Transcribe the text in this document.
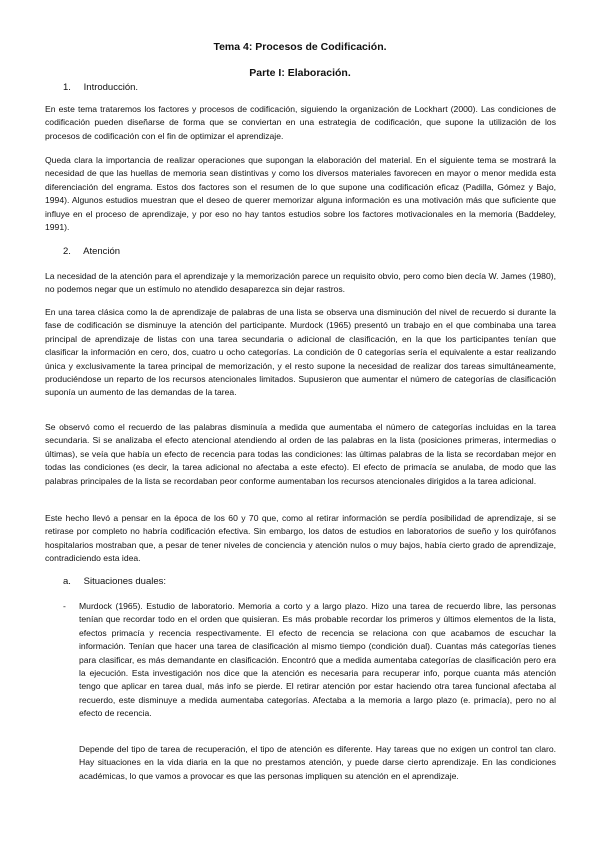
Tema 4: Procesos de Codificación.
Parte I: Elaboración.
1. Introducción.

En este tema trataremos los factores y procesos de codificación, siguiendo la organización de Lockhart (2000). Las condiciones de codificación pueden diseñarse de forma que se conviertan en una estrategia de codificación, que supone la utilización de los procesos de codificación con el fin de optimizar el aprendizaje.

Queda clara la importancia de realizar operaciones que supongan la elaboración del material. En el siguiente tema se mostrará la necesidad de que las huellas de memoria sean distintivas y como los diversos materiales favorecen en mayor o menor medida esta diferenciación del engrama. Estos dos factores son el resumen de lo que supone una codificación eficaz (Padilla, Gómez y Bajo, 1994). Algunos estudios muestran que el deseo de querer memorizar alguna información es una motivación más que suficiente que influye en el proceso de aprendizaje, y por eso no hay tantos estudios sobre los factores motivacionales en la memoria (Baddeley, 1991).

2. Atención

La necesidad de la atención para el aprendizaje y la memorización parece un requisito obvio, pero como bien decía W. James (1980), no podemos negar que un estímulo no atendido desaparezca sin dejar rastros.

En una tarea clásica como la de aprendizaje de palabras de una lista se observa una disminución del nivel de recuerdo si durante la fase de codificación se disminuye la atención del participante. Murdock (1965) presentó un trabajo en el que combinaba una tarea principal de aprendizaje de listas con una tarea secundaria o adicional de clasificación, en la que los participantes tenían que clasificar la información en cero, dos, cuatro u ocho categorías. La condición de 0 categorías sería el equivalente a estar realizando única y exclusivamente la tarea principal de memorización, y el resto supone la necesidad de realizar dos tareas simultáneamente, produciéndose un reparto de los recursos atencionales limitados. Supusieron que aumentar el número de categorías de clasificación suponía un aumento de las demandas de la tarea.

Se observó como el recuerdo de las palabras disminuía a medida que aumentaba el número de categorías incluidas en la tarea secundaria. Si se analizaba el efecto atencional atendiendo al orden de las palabras en la lista (posiciones primeras, intermedias o últimas), se veía que había un efecto de recencia para todas las condiciones: las últimas palabras de la lista se recordaban mejor en todas las condiciones (es decir, la tarea adicional no afectaba a este efecto). El efecto de primacía se anulaba, de modo que las palabras principales de la lista se recordaban peor conforme aumentaban los recursos atencionales dirigidos a la tarea adicional.

Este hecho llevó a pensar en la época de los 60 y 70 que, como al retirar información se perdía posibilidad de aprendizaje, si se retirase por completo no habría codificación efectiva. Sin embargo, los datos de estudios en laboratorios de sueño y los quirófanos hospitalarios mostraban que, a pesar de tener niveles de conciencia y atención nulos o muy bajos, había cierto grado de aprendizaje, contradiciendo esta idea.

a. Situaciones duales:
- Murdock (1965). Estudio de laboratorio. Memoria a corto y a largo plazo. Hizo una tarea de recuerdo libre, las personas tenían que recordar todo en el orden que quisieran. Es más probable recordar los primeros y últimos elementos de la lista, efectos primacía y recencia respectivamente. El efecto de recencia se relaciona con que acabamos de escuchar la información. Tenían que hacer una tarea de clasificación al mismo tiempo (condición dual). Cuantas más categorías tienes para clasificar, es más demandante en clasificación. Encontró que a medida aumentaba categorías de clasificación pero era la ejecución. Esta investigación nos dice que la atención es necesaria para recuperar info, porque cuanta más atención tengo que aplicar en tarea dual, más info se pierde. El retirar atención por estar haciendo otra tarea funcional afectaba al recuerdo, este disminuye a medida aumentaba categorías. Afectaba a la memoria a largo plazo (e. primacía), pero no al efecto de recencia.

Depende del tipo de tarea de recuperación, el tipo de atención es diferente. Hay tareas que no exigen un control tan claro. Hay situaciones en la vida diaria en la que no prestamos atención, y puede darse cierto aprendizaje. En las condiciones académicas, lo que vamos a provocar es que las personas impliquen su atención en el aprendizaje.
